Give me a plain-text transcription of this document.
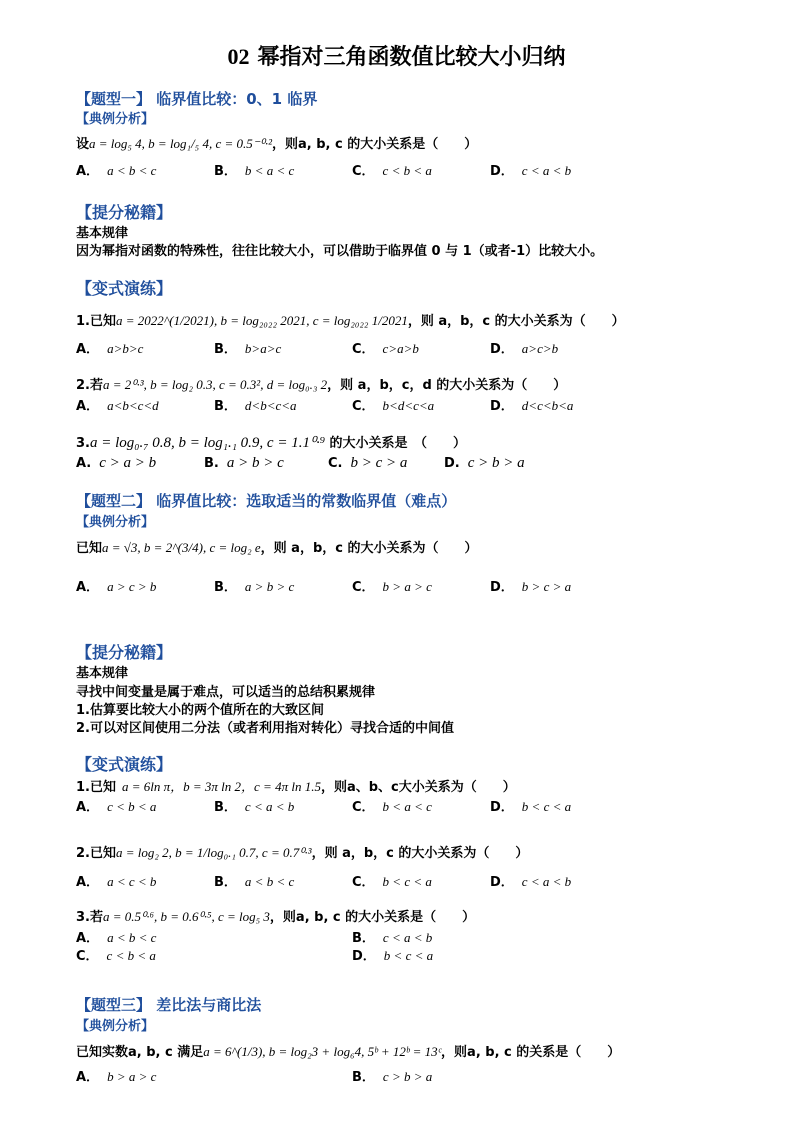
02 幂指对三角函数值比较大小归纳
【题型一】 临界值比较：0、1 临界
【典例分析】
设a = log₅ 4, b = log₁/₅ 4, c = 0.5⁻⁰·²，则a, b, c 的大小关系是（　　）
A． a < b < c	B． b < a < c	C． c < b < a	D． c < a < b
【提分秘籍】
基本规律
因为幂指对函数的特殊性，往往比较大小，可以借助于临界值 0 与 1（或者-1）比较大小。
【变式演练】
1.已知a = 2022^(1/2021), b = log₂₀₂₂ 2021, c = log₂₀₂₂ 1/2021，则 a，b，c 的大小关系为（　　）
A． a>b>c	B． b>a>c	C． c>a>b	D． a>c>b
2.若a = 2⁰·³, b = log₂ 0.3, c = 0.3², d = log₀.₃ 2，则 a，b，c，d 的大小关系为（　　）
A． a<b<c<d	B． d<b<c<a	C． b<d<c<a	D． d<c<b<a
3.a = log₀.₇ 0.8, b = log₁.₁ 0.9, c = 1.1⁰·⁹ 的大小关系是　（　　）
A. c > a > b	B. a > b > c	C. b > c > a	D. c > b > a
【题型二】 临界值比较：选取适当的常数临界值（难点）
【典例分析】
已知a = √3, b = 2^(3/4), c = log₂ e，则 a，b，c 的大小关系为（　　）
A． a > c > b	B． a > b > c	C． b > a > c	D． b > c > a
【提分秘籍】
基本规律
寻找中间变量是属于难点，可以适当的总结积累规律
1.估算要比较大小的两个值所在的大致区间
2.可以对区间使用二分法（或者利用指对转化）寻找合适的中间值
【变式演练】
1.已知 a = 6ln π，b = 3π ln 2，c = 4π ln 1.5，则a、b、c大小关系为（　　）
A． c < b < a	B． c < a < b	C． b < a < c	D． b < c < a
2.已知a = log₂ 2, b = 1/log₀.₁ 0.7, c = 0.7⁰·³，则 a，b，c 的大小关系为（　　）
A． a < c < b	B． a < b < c	C． b < c < a	D． c < a < b
3.若a = 0.5⁰·⁶, b = 0.6⁰·⁵, c = log₅ 3，则a, b, c 的大小关系是（　　）
A． a < b < c	B． c < a < b
C． c < b < a	D． b < c < a
【题型三】 差比法与商比法
【典例分析】
已知实数a, b, c 满足a = 6^(1/3), b = log₂3 + log₆4, 5ᵇ + 12ᵇ = 13ᶜ，则a, b, c 的关系是（　　）
A． b > a > c	B． c > b > a
